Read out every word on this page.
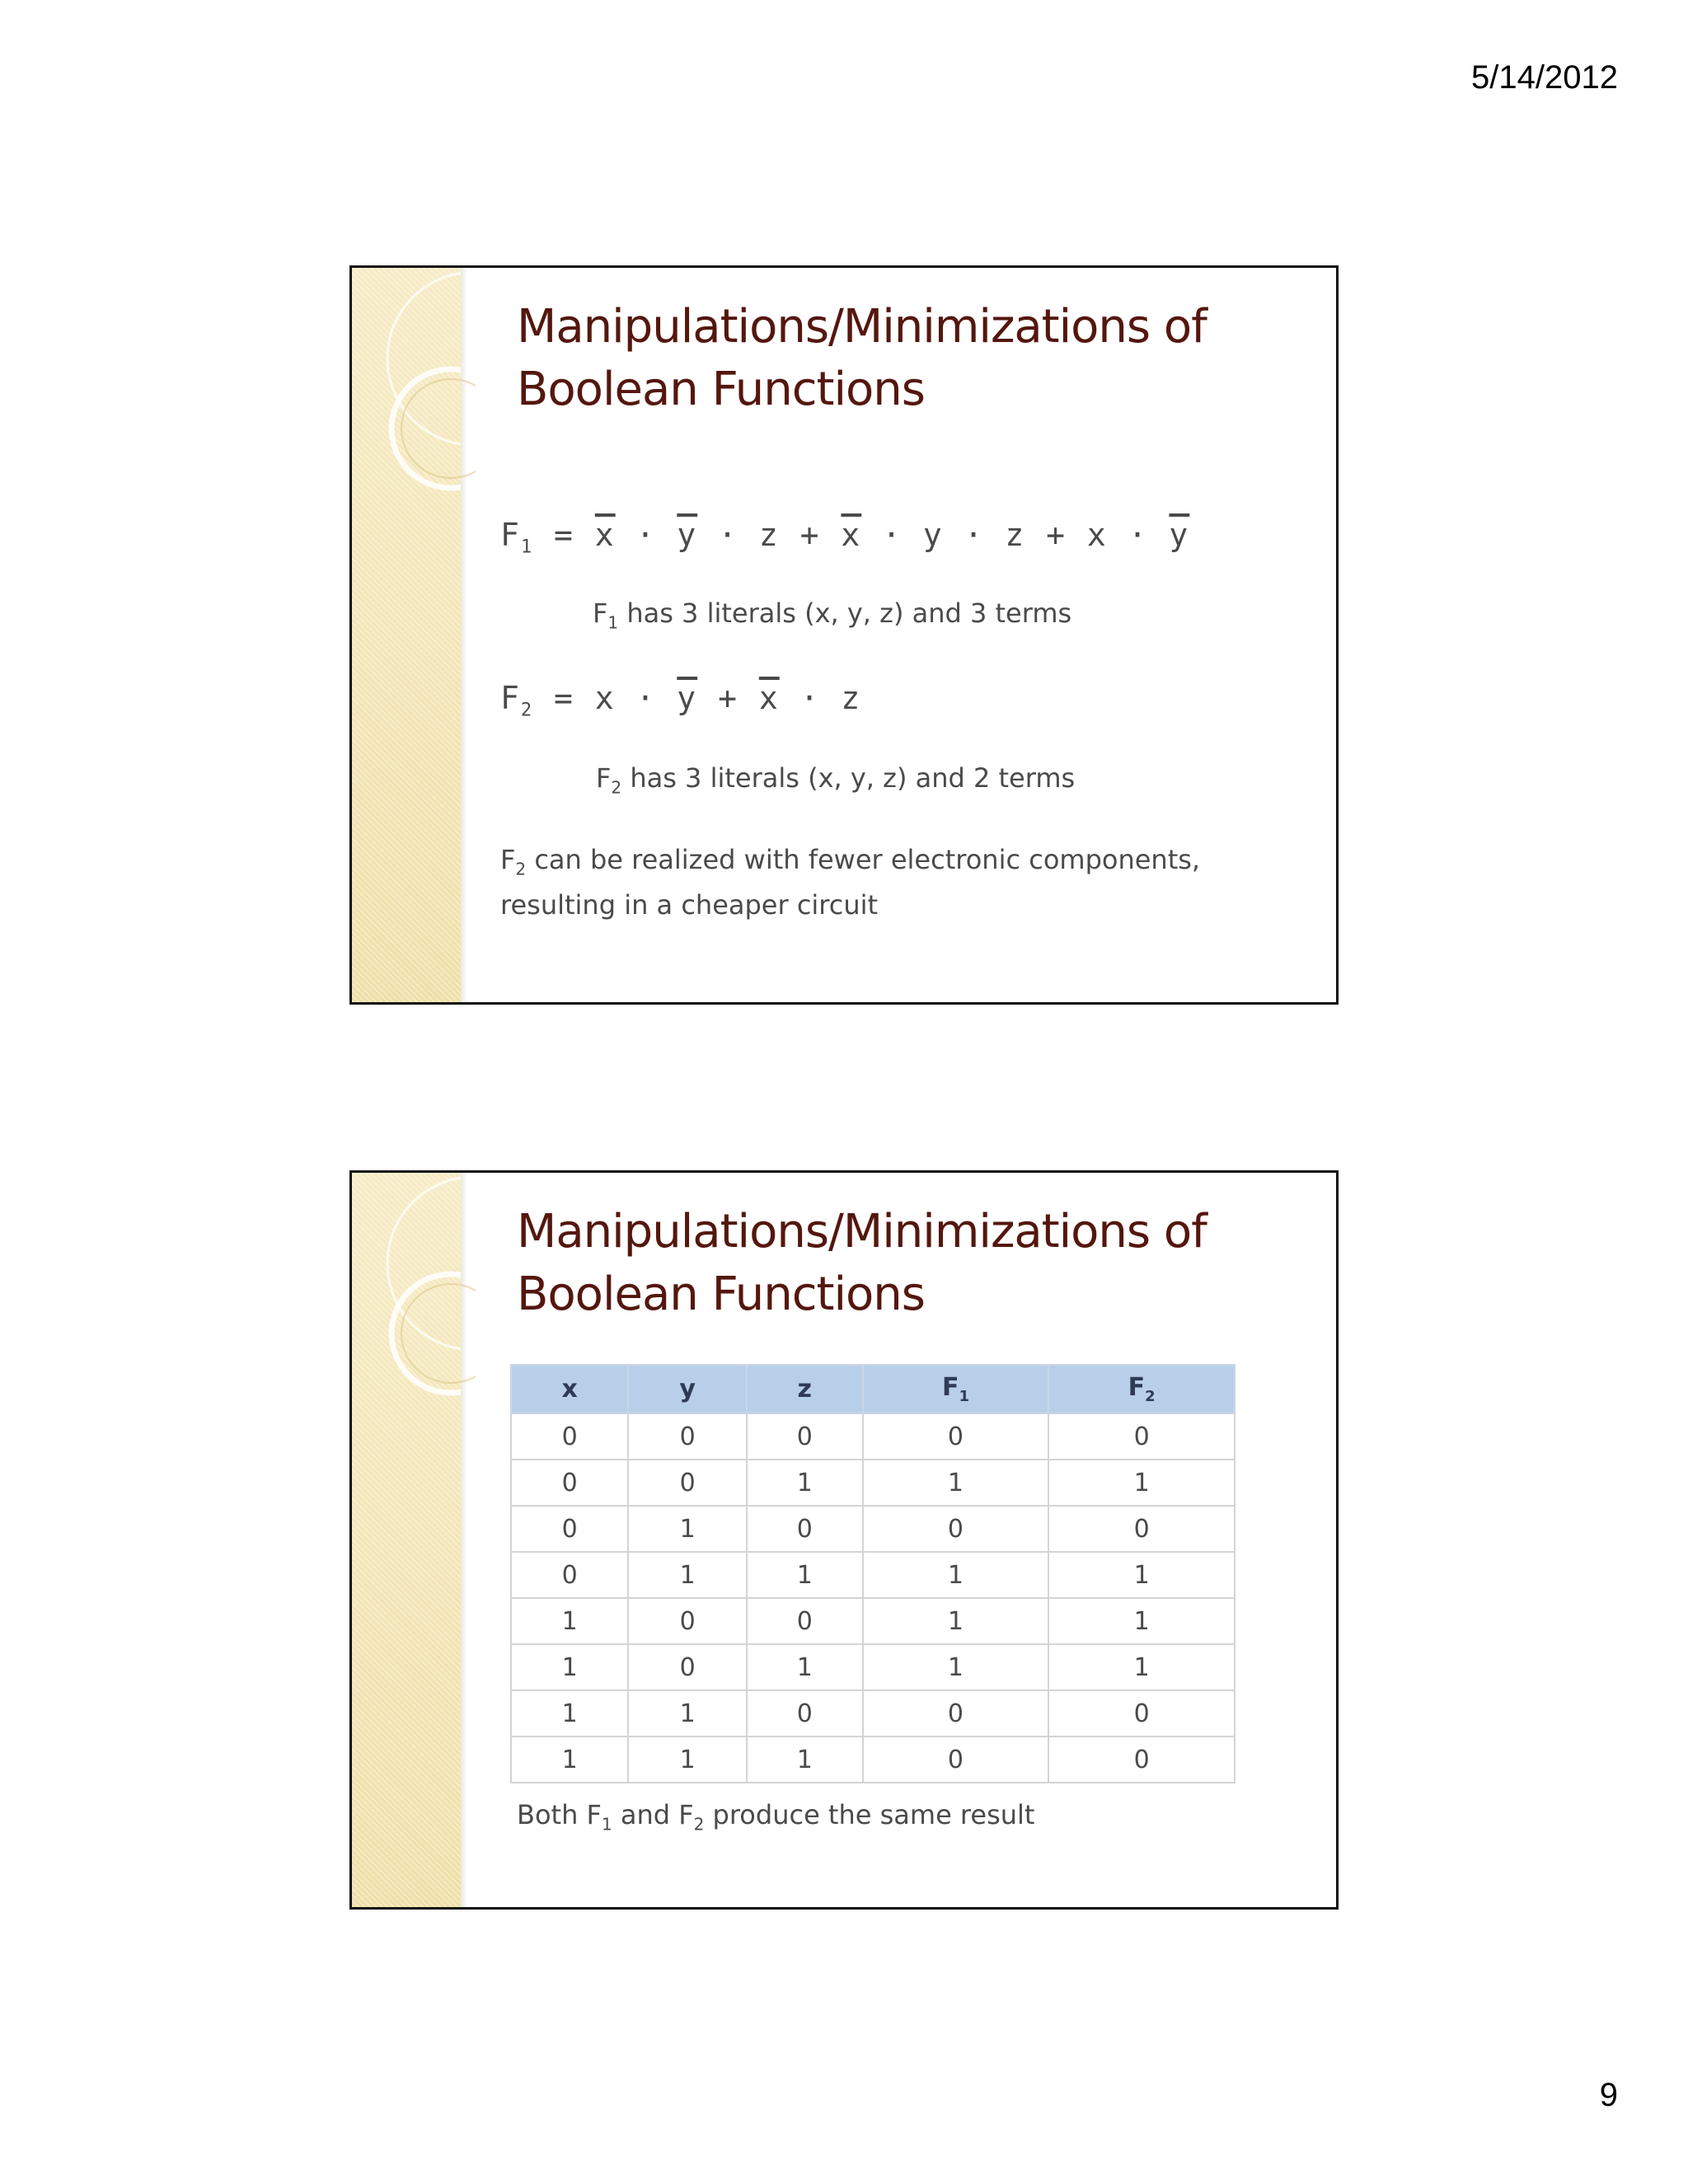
5/14/2012
Manipulations/Minimizations of
Boolean Functions
$F_1 = \overline{x} \cdot \overline{y} \cdot z + \overline{x} \cdot y \cdot z + x \cdot \overline{y}$
$F_1$ has 3 literals (x, y, z) and 3 terms
$F_2 = x \cdot \overline{y} + \overline{x} \cdot z$
$F_2$ has 3 literals (x, y, z) and 2 terms
$F_2$ can be realized with fewer electronic components,
resulting in a cheaper circuit
Manipulations/Minimizations of
Boolean Functions
x	y	z	$F_1$	$F_2$
0	0	0	0	0
0	0	1	1	1
0	1	0	0	0
0	1	1	1	1
1	0	0	1	1
1	0	1	1	1
1	1	0	0	0
1	1	1	0	0
Both $F_1$ and $F_2$ produce the same result
9
